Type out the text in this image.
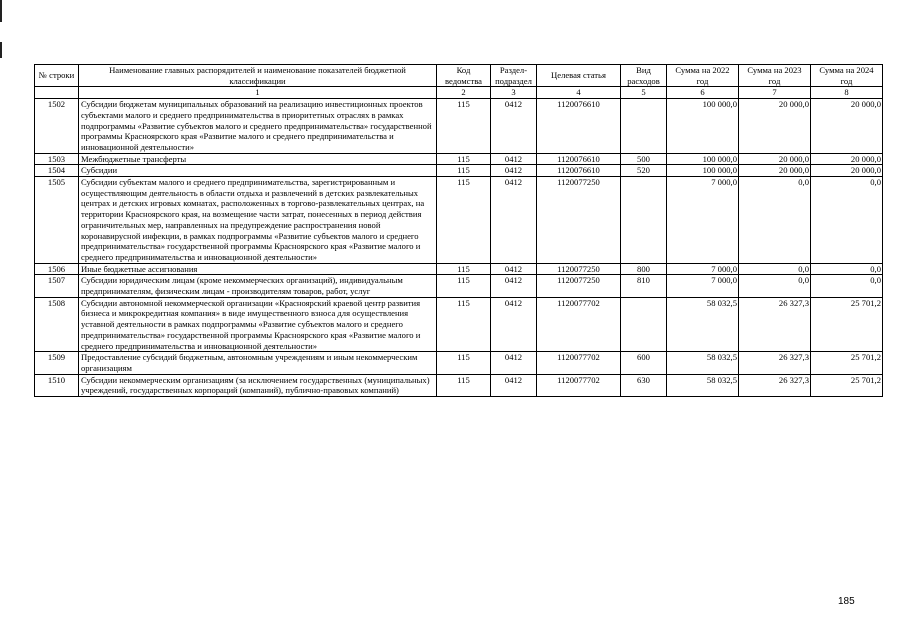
№ строки	Наименование главных распорядителей и наименование показателей бюджетной классификации	Код ведомства	Раздел-подраздел	Целевая статья	Вид расходов	Сумма на 2022 год	Сумма на 2023 год	Сумма на 2024 год
	1	2	3	4	5	6	7	8
1502	Субсидии бюджетам муниципальных образований на реализацию инвестиционных проектов субъектами малого и среднего предпринимательства в приоритетных отраслях в рамках подпрограммы «Развитие субъектов малого и среднего предпринимательства» государственной программы Красноярского края «Развитие малого и среднего предпринимательства и инновационной деятельности»	115	0412	1120076610		100 000,0	20 000,0	20 000,0
1503	Межбюджетные трансферты	115	0412	1120076610	500	100 000,0	20 000,0	20 000,0
1504	Субсидии	115	0412	1120076610	520	100 000,0	20 000,0	20 000,0
1505	Субсидии субъектам малого и среднего предпринимательства, зарегистрированным и осуществляющим деятельность в области отдыха и развлечений в детских развлекательных центрах и детских игровых комнатах, расположенных в торгово-развлекательных центрах, на территории Красноярского края, на возмещение части затрат, понесенных в период действия ограничительных мер, направленных на предупреждение распространения новой коронавирусной инфекции, в рамках подпрограммы «Развитие субъектов малого и среднего предпринимательства» государственной программы Красноярского края «Развитие малого и среднего предпринимательства и инновационной деятельности»	115	0412	1120077250		7 000,0	0,0	0,0
1506	Иные бюджетные ассигнования	115	0412	1120077250	800	7 000,0	0,0	0,0
1507	Субсидии юридическим лицам (кроме некоммерческих организаций), индивидуальным предпринимателям, физическим лицам - производителям товаров, работ, услуг	115	0412	1120077250	810	7 000,0	0,0	0,0
1508	Субсидии автономной некоммерческой организации «Красноярский краевой центр развития бизнеса и микрокредитная компания» в виде имущественного взноса для осуществления уставной деятельности в рамках подпрограммы «Развитие субъектов малого и среднего предпринимательства» государственной программы Красноярского края «Развитие малого и среднего предпринимательства и инновационной деятельности»	115	0412	1120077702		58 032,5	26 327,3	25 701,2
1509	Предоставление субсидий бюджетным, автономным учреждениям и иным некоммерческим организациям	115	0412	1120077702	600	58 032,5	26 327,3	25 701,2
1510	Субсидии некоммерческим организациям (за исключением государственных (муниципальных) учреждений, государственных корпораций (компаний), публично-правовых компаний)	115	0412	1120077702	630	58 032,5	26 327,3	25 701,2
185
